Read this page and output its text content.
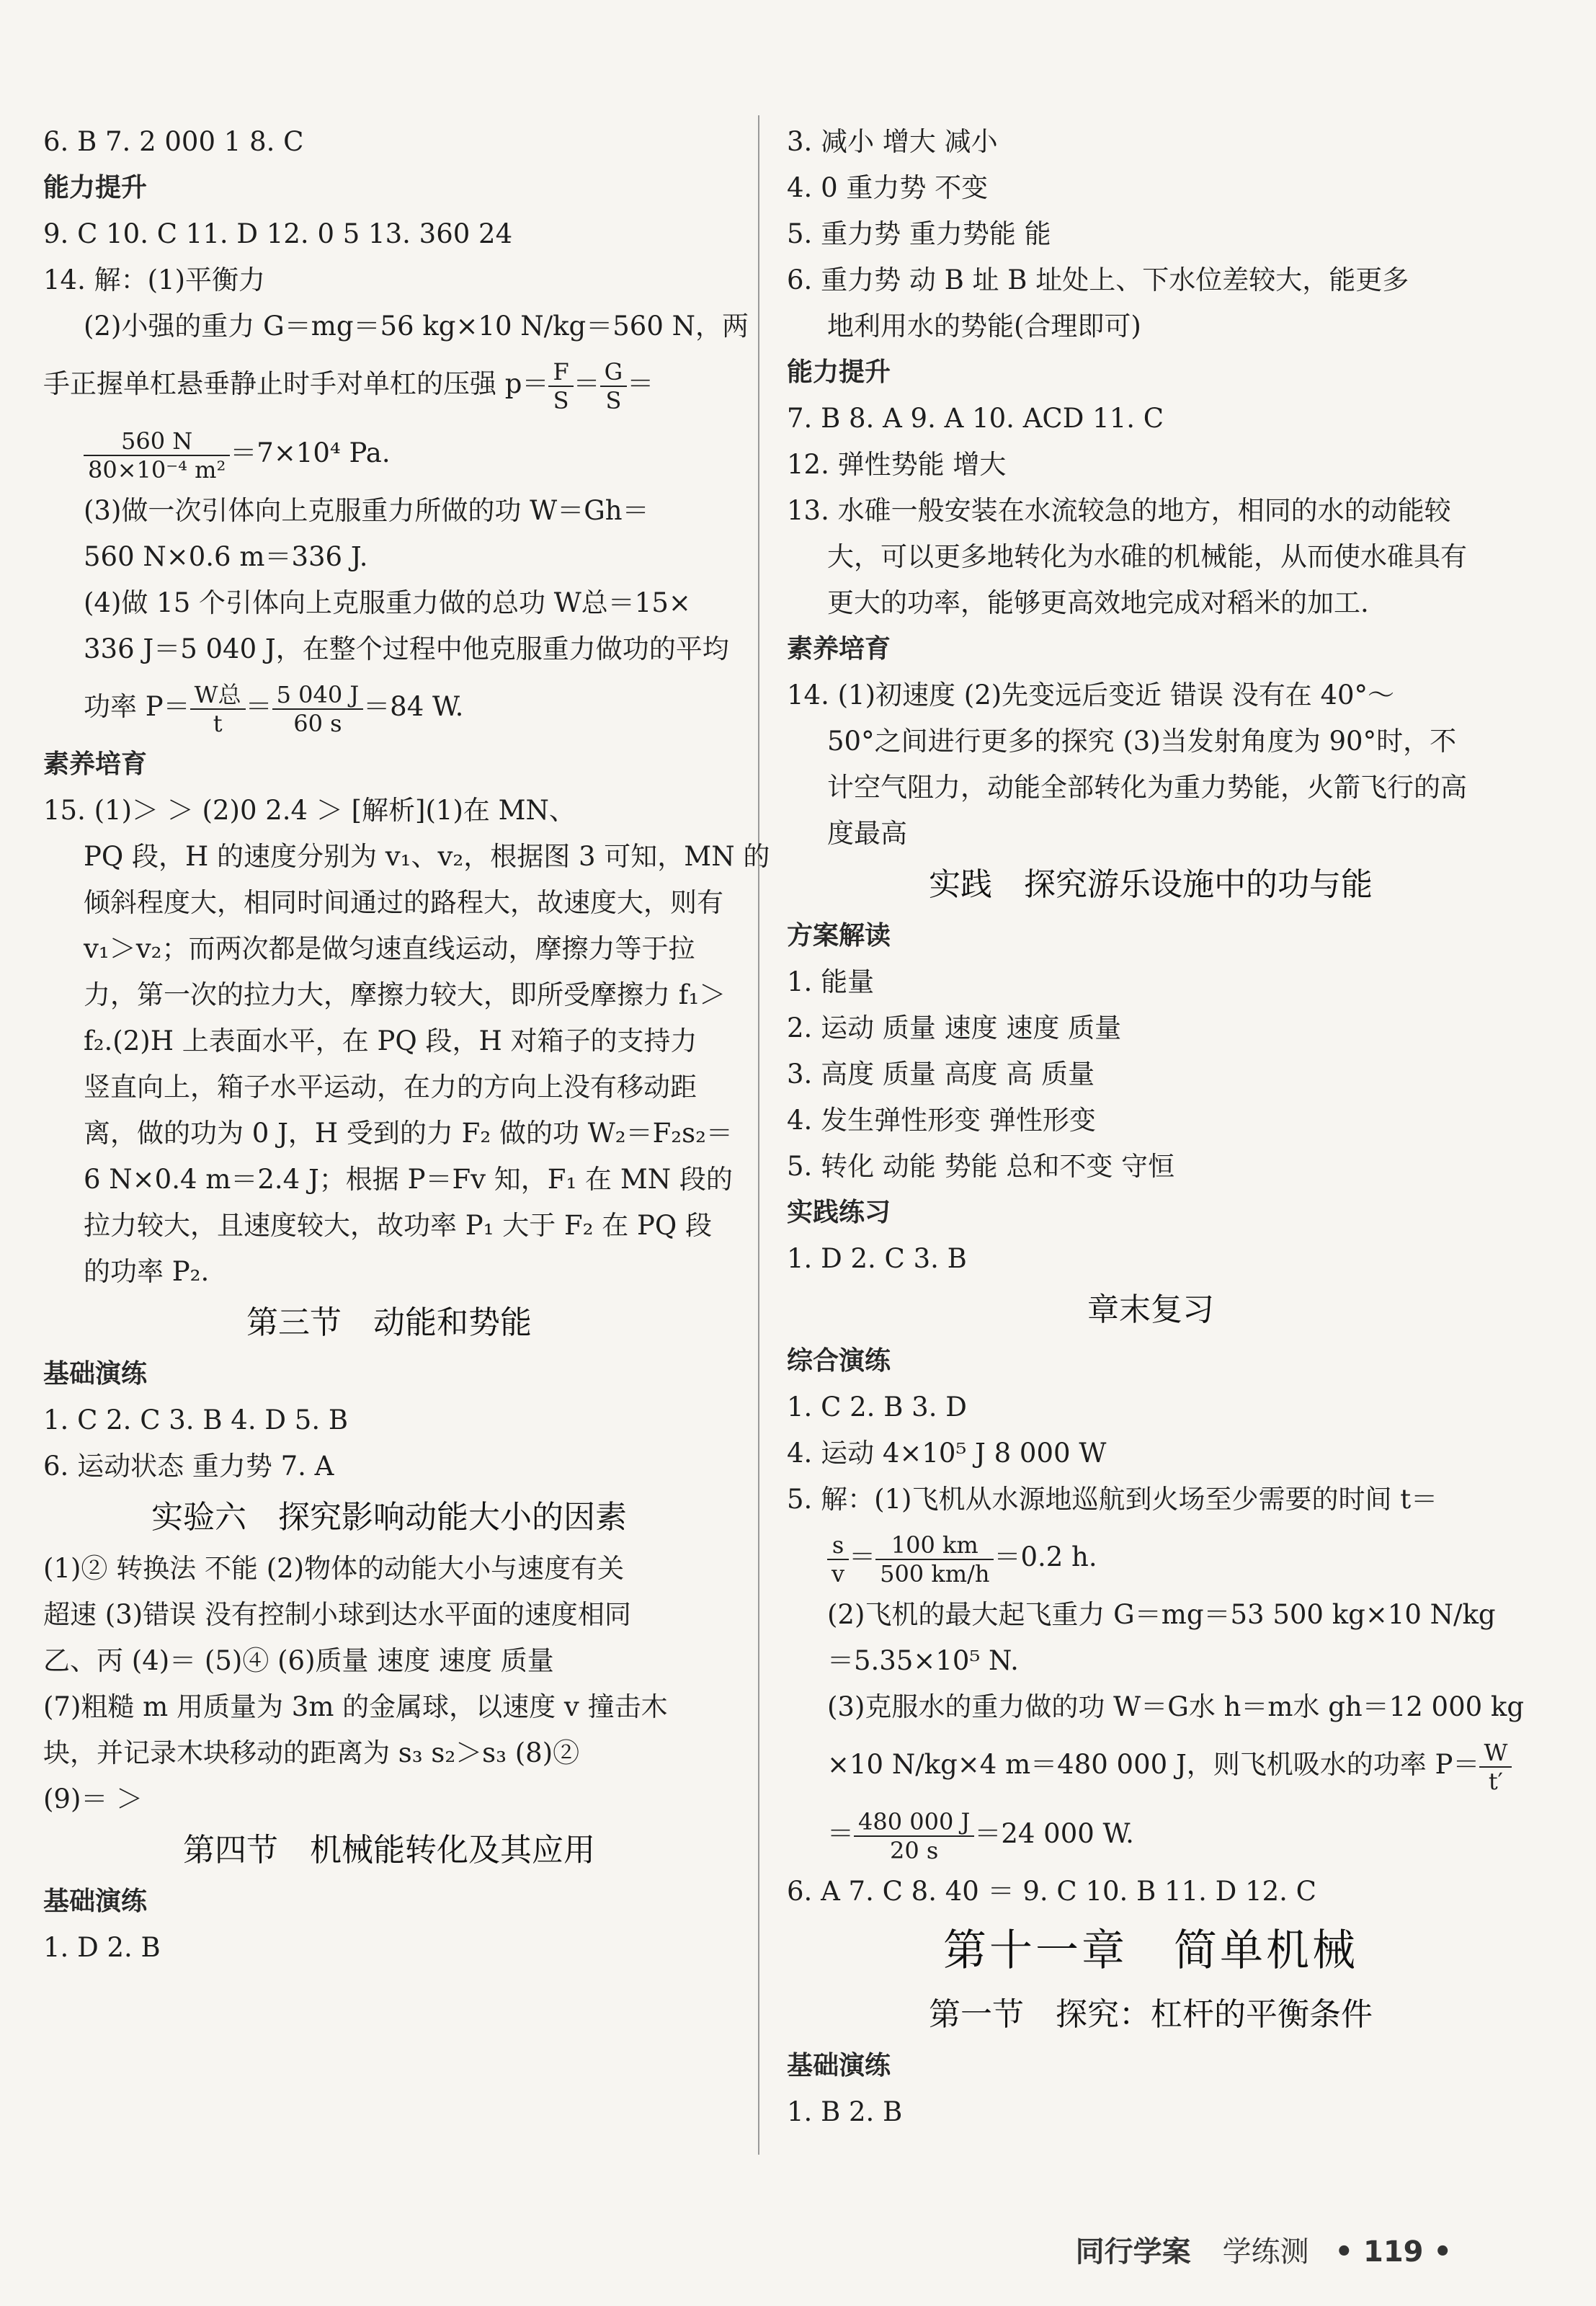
6. B 7. 2 000 1 8. C
能力提升
9. C 10. C 11. D 12. 0 5 13. 360 24
14. 解：(1)平衡力
(2)小强的重力 G＝mg＝56 kg×10 N/kg＝560 N，两
手正握单杠悬垂静止时手对单杠的压强 $p= \frac{F}{S} = \frac{G}{S}$ ＝
$\frac{560 N}{\text{80×10⁻⁴ m²}} =7\times 10^4$ Pa.
(3)做一次引体向上克服重力所做的功 W＝Gh＝
560 N×0.6 m＝336 J.
(4)做 15 个引体向上克服重力做的总功 W总＝15×
336 J＝5 040 J，在整个过程中他克服重力做功的平均
功率 $P= \frac{\text{W总}}{t} = \frac{5 040 J}{60 s} =84$ W.
素养培育
15. (1)＞ ＞ (2)0 2.4 ＞ [解析](1)在 MN、
PQ 段，H 的速度分别为 v₁、v₂，根据图 3 可知，MN 的
倾斜程度大，相同时间通过的路程大，故速度大，则有
v₁＞v₂；而两次都是做匀速直线运动，摩擦力等于拉
力，第一次的拉力大，摩擦力较大，即所受摩擦力 f₁＞
f₂.(2)H 上表面水平，在 PQ 段，H 对箱子的支持力
竖直向上，箱子水平运动，在力的方向上没有移动距
离，做的功为 0 J，H 受到的力 F₂ 做的功 W₂＝F₂s₂＝
6 N×0.4 m＝2.4 J；根据 P＝Fv 知，F₁ 在 MN 段的
拉力较大，且速度较大，故功率 P₁ 大于 F₂ 在 PQ 段
的功率 P₂.
第三节　动能和势能
基础演练
1. C 2. C 3. B 4. D 5. B
6. 运动状态 重力势 7. A
实验六　探究影响动能大小的因素
(1)② 转换法 不能 (2)物体的动能大小与速度有关
超速 (3)错误 没有控制小球到达水平面的速度相同
乙、丙 (4)＝ (5)④ (6)质量 速度 速度 质量
(7)粗糙 m 用质量为 3m 的金属球，以速度 v 撞击木
块，并记录木块移动的距离为 s₃ s₂＞s₃ (8)②
(9)＝ ＞
第四节　机械能转化及其应用
基础演练
1. D 2. B
3. 减小 增大 减小
4. 0 重力势 不变
5. 重力势 重力势能 能
6. 重力势 动 B 址 B 址处上、下水位差较大，能更多
地利用水的势能(合理即可)
能力提升
7. B 8. A 9. A 10. ACD 11. C
12. 弹性势能 增大
13. 水碓一般安装在水流较急的地方，相同的水的动能较
大，可以更多地转化为水碓的机械能，从而使水碓具有
更大的功率，能够更高效地完成对稻米的加工.
素养培育
14. (1)初速度 (2)先变远后变近 错误 没有在 40°～
50°之间进行更多的探究 (3)当发射角度为 90°时，不
计空气阻力，动能全部转化为重力势能，火箭飞行的高
度最高
实践　探究游乐设施中的功与能
方案解读
1. 能量
2. 运动 质量 速度 速度 质量
3. 高度 质量 高度 高 质量
4. 发生弹性形变 弹性形变
5. 转化 动能 势能 总和不变 守恒
实践练习
1. D 2. C 3. B
章末复习
综合演练
1. C 2. B 3. D
4. 运动 4×10⁵ J 8 000 W
5. 解：(1)飞机从水源地巡航到火场至少需要的时间 t＝
$\frac{s}{v} = \frac{100 km}{500 km/h} =0.2$ h.
(2)飞机的最大起飞重力 G＝mg＝53 500 kg×10 N/kg
＝5.35×10⁵ N.
(3)克服水的重力做的功 W＝G水 h＝m水 gh＝12 000 kg
×10 N/kg×4 m＝480 000 J，则飞机吸水的功率 $P= \frac{W}{t'}$
＝ $\frac{480 000 J}{20 s} =24$ 000 W.
6. A 7. C 8. 40 ＝ 9. C 10. B 11. D 12. C
第十一章　简单机械
第一节　探究：杠杆的平衡条件
基础演练
1. B 2. B
同行学案 学练测 • 119 •
